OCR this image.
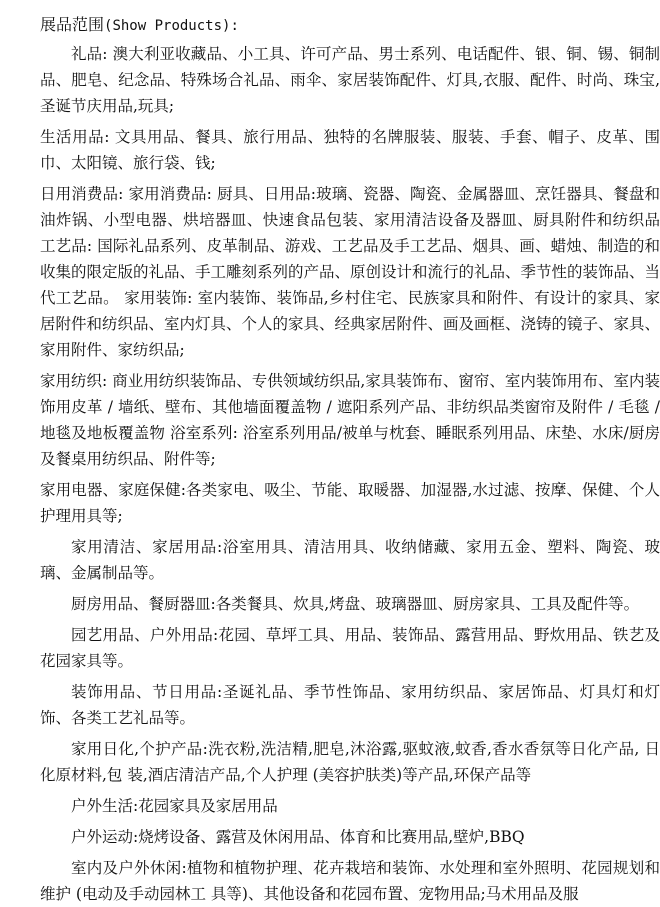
展品范围(Show Products):

礼品: 澳大利亚收藏品、小工具、许可产品、男士系列、电话配件、银、铜、锡、铜制品、肥皂、纪念品、特殊场合礼品、雨伞、家居装饰配件、灯具,衣服、配件、时尚、珠宝,圣诞节庆用品,玩具;

生活用品: 文具用品、餐具、旅行用品、独特的名牌服装、服装、手套、帽子、皮革、围巾、太阳镜、旅行袋、钱;

日用消费品: 家用消费品: 厨具、日用品:玻璃、瓷器、陶瓷、金属器皿、烹饪器具、餐盘和油炸锅、小型电器、烘培器皿、快速食品包装、家用清洁设备及器皿、厨具附件和纺织品 工艺品: 国际礼品系列、皮革制品、游戏、工艺品及手工艺品、烟具、画、蜡烛、制造的和收集的限定版的礼品、手工雕刻系列的产品、原创设计和流行的礼品、季节性的装饰品、当代工艺品。 家用装饰: 室内装饰、装饰品,乡村住宅、民族家具和附件、有设计的家具、家居附件和纺织品、室内灯具、个人的家具、经典家居附件、画及画框、浇铸的镜子、家具、家用附件、家纺织品;

家用纺织: 商业用纺织装饰品、专供领域纺织品,家具装饰布、窗帘、室内装饰用布、室内装饰用皮革 / 墙纸、壁布、其他墙面覆盖物 / 遮阳系列产品、非纺织品类窗帘及附件 / 毛毯 / 地毯及地板覆盖物 浴室系列: 浴室系列用品/被单与枕套、睡眠系列用品、床垫、水床/厨房及餐桌用纺织品、附件等;

家用电器、家庭保健:各类家电、吸尘、节能、取暖器、加湿器,水过滤、按摩、保健、个人护理用具等;

家用清洁、家居用品:浴室用具、清洁用具、收纳储藏、家用五金、塑料、陶瓷、玻璃、金属制品等。

厨房用品、餐厨器皿:各类餐具、炊具,烤盘、玻璃器皿、厨房家具、工具及配件等。

园艺用品、户外用品:花园、草坪工具、用品、装饰品、露营用品、野炊用品、铁艺及花园家具等。

装饰用品、节日用品:圣诞礼品、季节性饰品、家用纺织品、家居饰品、灯具灯和灯饰、各类工艺礼品等。

家用日化,个护产品:洗衣粉,洗洁精,肥皂,沐浴露,驱蚊液,蚊香,香水香氛等日化产品, 日化原材料,包 装,酒店清洁产品,个人护理 (美容护肤类)等产品,环保产品等

户外生活:花园家具及家居用品

户外运动:烧烤设备、露营及休闲用品、体育和比赛用品,壁炉,BBQ

室内及户外休闲:植物和植物护理、花卉栽培和装饰、水处理和室外照明、花园规划和维护 (电动及手动园林工 具等)、其他设备和花园布置、宠物用品;马术用品及服
